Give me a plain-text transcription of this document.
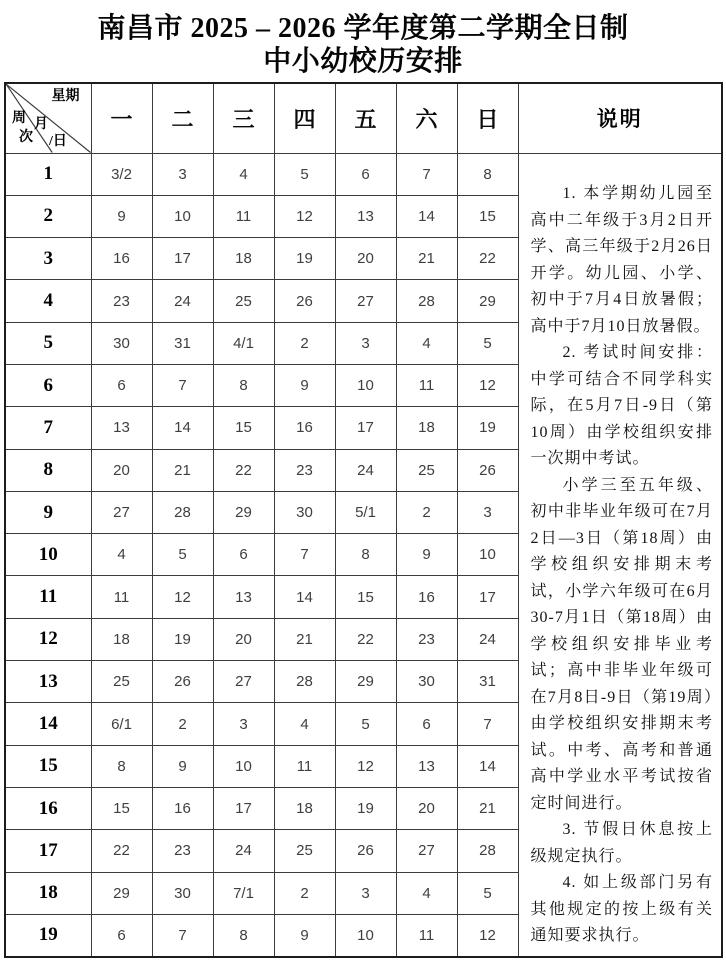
南昌市 2025 – 2026 学年度第二学期全日制
中小幼校历安排
星期
周 月
次 /日	一	二	三	四	五	六	日	说明
1	3/2	3	4	5	6	7	8	1. 本学期幼儿园至高中二年级于3月2日开学、高三年级于2月26日开学。幼儿园、小学、初中于7月4日放暑假；高中于7月10日放暑假。

2. 考试时间安排：中学可结合不同学科实际，在5月7日-9日（第10周）由学校组织安排一次期中考试。

小学三至五年级、初中非毕业年级可在7月2日—3日（第18周）由学校组织安排期末考试，小学六年级可在6月30-7月1日（第18周）由学校组织安排毕业考试；高中非毕业年级可在7月8日-9日（第19周）由学校组织安排期末考试。中考、高考和普通高中学业水平考试按省定时间进行。

3. 节假日休息按上级规定执行。

4. 如上级部门另有其他规定的按上级有关通知要求执行。

2	9	10	11	12	13	14	15	
3	16	17	18	19	20	21	22	
4	23	24	25	26	27	28	29	
5	30	31	4/1	2	3	4	5	
6	6	7	8	9	10	11	12	
7	13	14	15	16	17	18	19	
8	20	21	22	23	24	25	26	
9	27	28	29	30	5/1	2	3	
10	4	5	6	7	8	9	10	
11	11	12	13	14	15	16	17	
12	18	19	20	21	22	23	24	
13	25	26	27	28	29	30	31	
14	6/1	2	3	4	5	6	7	
15	8	9	10	11	12	13	14	
16	15	16	17	18	19	20	21	
17	22	23	24	25	26	27	28	
18	29	30	7/1	2	3	4	5	
19	6	7	8	9	10	11	12	
